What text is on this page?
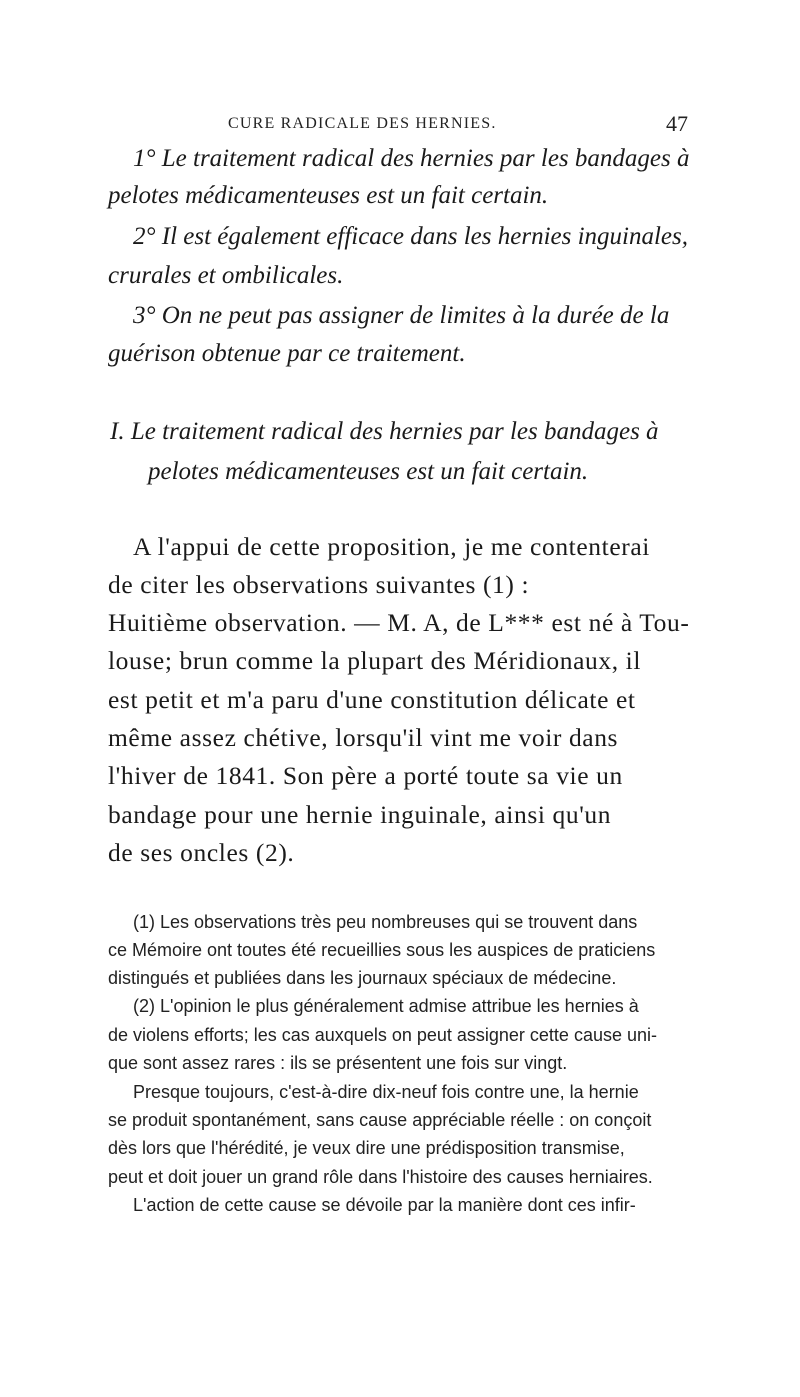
CURE RADICALE DES HERNIES.	47
1° Le traitement radical des hernies par les bandages à
pelotes médicamenteuses est un fait certain.
2° Il est également efficace dans les hernies inguinales,
crurales et ombilicales.
3° On ne peut pas assigner de limites à la durée de la
guérison obtenue par ce traitement.
I. Le traitement radical des hernies par les bandages à
pelotes médicamenteuses est un fait certain.
A l'appui de cette proposition, je me contenterai
de citer les observations suivantes (1) :
Huitième observation. — M. A, de L*** est né à Tou-
louse; brun comme la plupart des Méridionaux, il
est petit et m'a paru d'une constitution délicate et
même assez chétive, lorsqu'il vint me voir dans
l'hiver de 1841. Son père a porté toute sa vie un
bandage pour une hernie inguinale, ainsi qu'un
de ses oncles (2).
(1) Les observations très peu nombreuses qui se trouvent dans
ce Mémoire ont toutes été recueillies sous les auspices de praticiens
distingués et publiées dans les journaux spéciaux de médecine.
(2) L'opinion le plus généralement admise attribue les hernies à
de violens efforts; les cas auxquels on peut assigner cette cause uni-
que sont assez rares : ils se présentent une fois sur vingt.
Presque toujours, c'est-à-dire dix-neuf fois contre une, la hernie
se produit spontanément, sans cause appréciable réelle : on conçoit
dès lors que l'hérédité, je veux dire une prédisposition transmise,
peut et doit jouer un grand rôle dans l'histoire des causes herniaires.
L'action de cette cause se dévoile par la manière dont ces infir-
